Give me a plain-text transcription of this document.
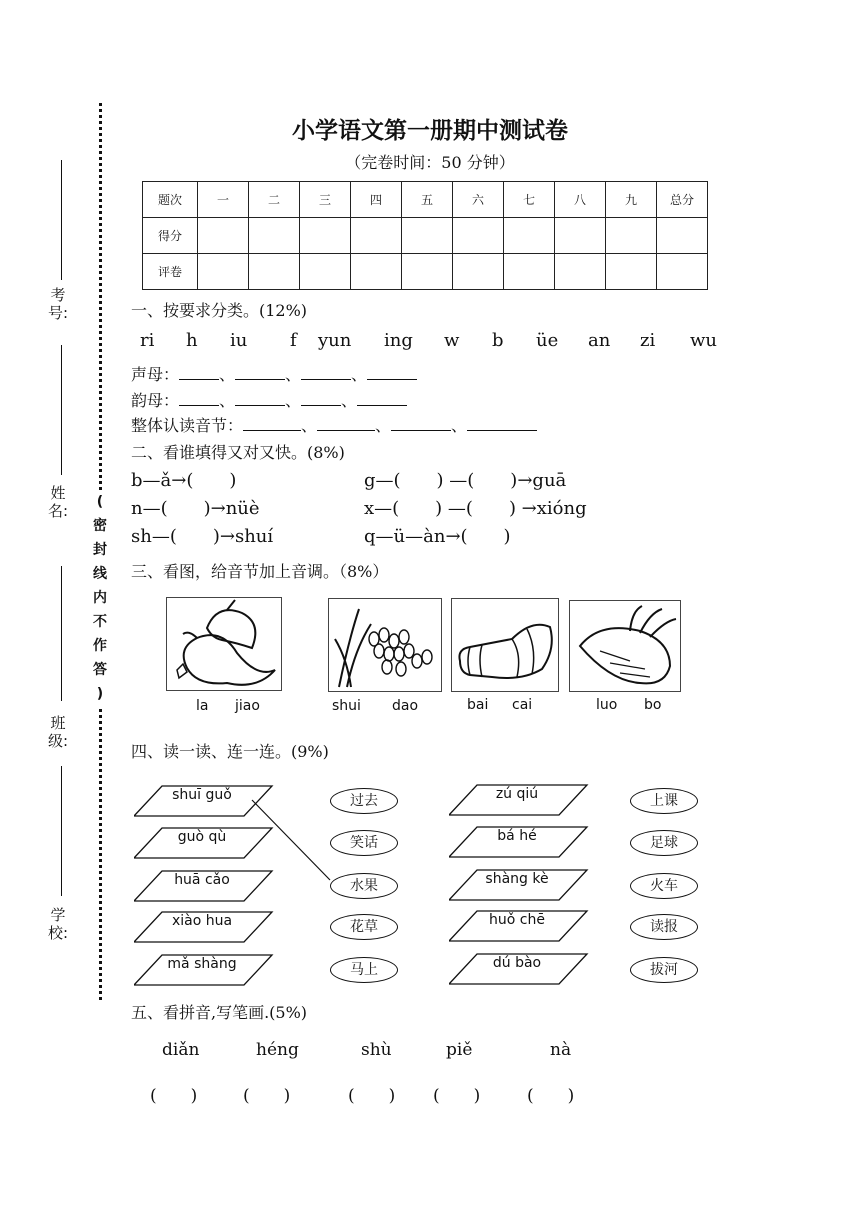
考号:
姓名:
班级:
学校:
(
密
封
线
内
不
作
答
)
小学语文第一册期中测试卷
（完卷时间：50 分钟）
题次	一	二	三	四	五	六	七	八	九	总分
得分										
评卷										
一、按要求分类。(12%)
ri h iu f yun ing w b üe an zi wu
声母：	、	、	、
韵母：	、	、	、
整体认读音节：	、	、	、
二、看谁填得又对又快。(8%)
b—ǎ→(　　)	g—(　　) —(　　)→guā
n—(　　)→nüè	x—(　　) —(　　) →xióng
sh—(　　)→shuí	q—ü—àn→(　　)
三、看图，给音节加上音调。（8%）
la jiao	shui dao	bai cai	luo bo
四、读一读、连一连。(9%)
shuī guǒ	过去	zú qiú	上课
guò qù	笑话	bá hé	足球
huā cǎo	水果	shàng kè	火车
xiào hua	花草	huǒ chē	读报
mǎ shàng	马上	dú bào	拔河
五、看拼音,写笔画.(5%)
diǎn	héng	shù	piě	nà
(　　)	(　　)	(　　) (　　)	(　　)
